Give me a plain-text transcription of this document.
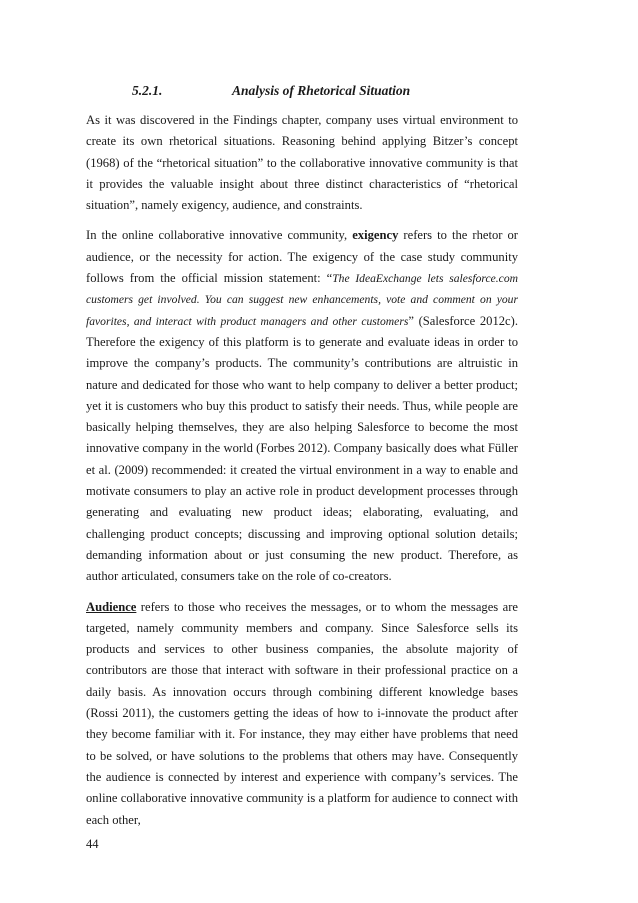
5.2.1.	Analysis of Rhetorical Situation

As it was discovered in the Findings chapter, company uses virtual environment to create its own rhetorical situations. Reasoning behind applying Bitzer’s concept (1968) of the “rhetorical situation” to the collaborative innovative community is that it provides the valuable insight about three distinct characteristics of “rhetorical situation”, namely exigency, audience, and constraints.

In the online collaborative innovative community, exigency refers to the rhetor or audience, or the necessity for action. The exigency of the case study community follows from the official mission statement: “The IdeaExchange lets salesforce.com customers get involved. You can suggest new enhancements, vote and comment on your favorites, and interact with product managers and other customers” (Salesforce 2012c). Therefore the exigency of this platform is to generate and evaluate ideas in order to improve the company’s products. The community’s contributions are altruistic in nature and dedicated for those who want to help company to deliver a better product; yet it is customers who buy this product to satisfy their needs. Thus, while people are basically helping themselves, they are also helping Salesforce to become the most innovative company in the world (Forbes 2012). Company basically does what Füller et al. (2009) recommended: it created the virtual environment in a way to enable and motivate consumers to play an active role in product development processes through generating and evaluating new product ideas; elaborating, evaluating, and challenging product concepts; discussing and improving optional solution details; demanding information about or just consuming the new product. Therefore, as author articulated, consumers take on the role of co-creators.

Audience refers to those who receives the messages, or to whom the messages are targeted, namely community members and company. Since Salesforce sells its products and services to other business companies, the absolute majority of contributors are those that interact with software in their professional practice on a daily basis. As innovation occurs through combining different knowledge bases (Rossi 2011), the customers getting the ideas of how to i-innovate the product after they become familiar with it. For instance, they may either have problems that need to be solved, or have solutions to the problems that others may have. Consequently the audience is connected by interest and experience with company’s services. The online collaborative innovative community is a platform for audience to connect with each other,

44
